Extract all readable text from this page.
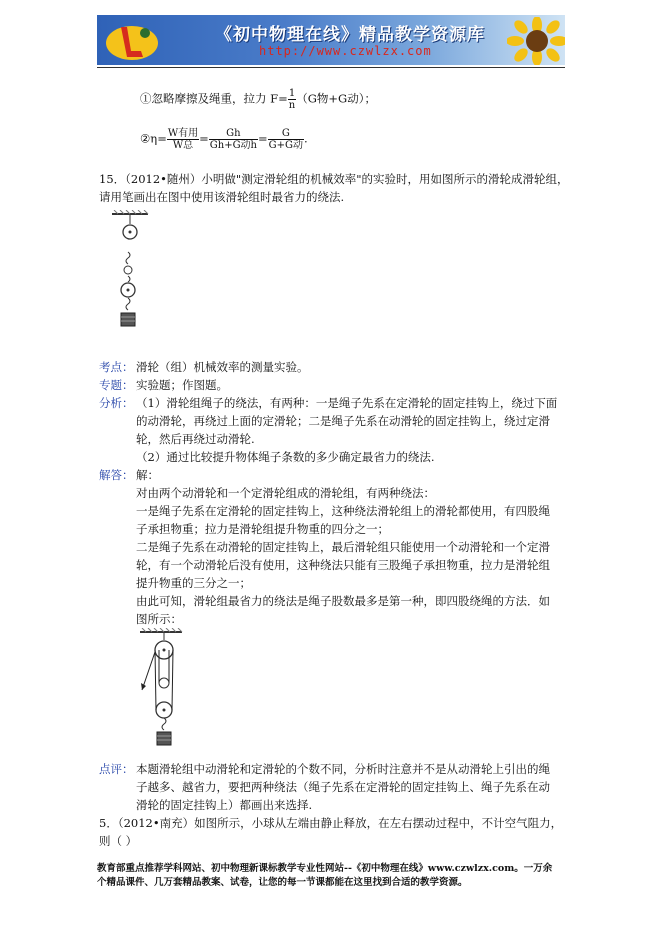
《初中物理在线》精品教学资源库
http://www.czwlzx.com
①忽略摩擦及绳重，拉力 $F= \frac{1}{n} (G$物+G动）；
②η= $\frac{\text{W有用}}{\text{W总}} = \frac{Gh}{\text{Gh+G动h}} = \frac{G}{\text{G+G动}}$ .
15．（2012•随州）小明做"测定滑轮组的机械效率"的实验时，用如图所示的滑轮成滑轮组，
请用笔画出在图中使用该滑轮组时最省力的绕法.
考点： 滑轮（组）机械效率的测量实验。
专题： 实验题；作图题。
分析： （1）滑轮组绳子的绕法，有两种：一是绳子先系在定滑轮的固定挂钩上，绕过下面
的动滑轮，再绕过上面的定滑轮；二是绳子先系在动滑轮的固定挂钩上，绕过定滑
轮，然后再绕过动滑轮.
（2）通过比较提升物体绳子条数的多少确定最省力的绕法.
解答： 解：
对由两个动滑轮和一个定滑轮组成的滑轮组，有两种绕法：
一是绳子先系在定滑轮的固定挂钩上，这种绕法滑轮组上的滑轮都使用，有四股绳
子承担物重；拉力是滑轮组提升物重的四分之一；
二是绳子先系在动滑轮的固定挂钩上，最后滑轮组只能使用一个动滑轮和一个定滑
轮，有一个动滑轮后没有使用，这种绕法只能有三股绳子承担物重，拉力是滑轮组
提升物重的三分之一；
由此可知，滑轮组最省力的绕法是绳子股数最多是第一种，即四股绕绳的方法．如
图所示：
点评： 本题滑轮组中动滑轮和定滑轮的个数不同，分析时注意并不是从动滑轮上引出的绳
子越多、越省力，要把两种绕法（绳子先系在定滑轮的固定挂钩上、绳子先系在动
滑轮的固定挂钩上）都画出来选择.
5．（2012•南充）如图所示，小球从左端由静止释放，在左右摆动过程中，不计空气阻力，
则（ ）
教育部重点推荐学科网站、初中物理新课标教学专业性网站--《初中物理在线》www.czwlzx.com。一万余
个精品课件、几万套精品教案、试卷，让您的每一节课都能在这里找到合适的教学资源。
